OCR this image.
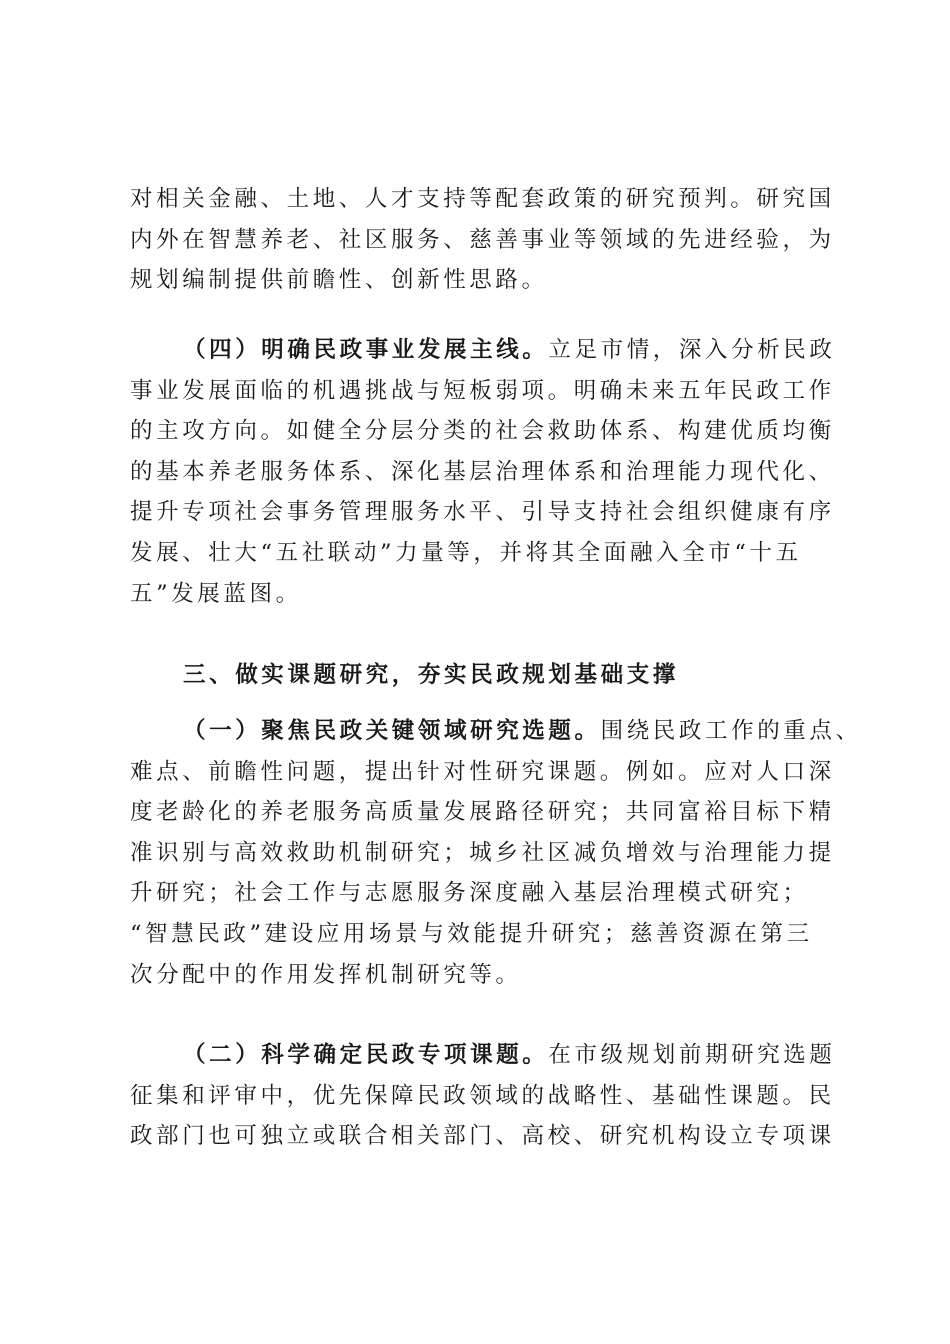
对相关金融、土地、人才支持等配套政策的研究预判。研究国
内外在智慧养老、社区服务、慈善事业等领域的先进经验，为
规划编制提供前瞻性、创新性思路。
（四）明确民政事业发展主线。立足市情，深入分析民政
事业发展面临的机遇挑战与短板弱项。明确未来五年民政工作
的主攻方向。如健全分层分类的社会救助体系、构建优质均衡
的基本养老服务体系、深化基层治理体系和治理能力现代化、
提升专项社会事务管理服务水平、引导支持社会组织健康有序
发展、壮大“五社联动”力量等，并将其全面融入全市“十五
五”发展蓝图。
三、做实课题研究，夯实民政规划基础支撑
（一）聚焦民政关键领域研究选题。围绕民政工作的重点、
难点、前瞻性问题，提出针对性研究课题。例如。应对人口深
度老龄化的养老服务高质量发展路径研究；共同富裕目标下精
准识别与高效救助机制研究；城乡社区减负增效与治理能力提
升研究；社会工作与志愿服务深度融入基层治理模式研究；
“智慧民政”建设应用场景与效能提升研究；慈善资源在第三
次分配中的作用发挥机制研究等。
（二）科学确定民政专项课题。在市级规划前期研究选题
征集和评审中，优先保障民政领域的战略性、基础性课题。民
政部门也可独立或联合相关部门、高校、研究机构设立专项课
